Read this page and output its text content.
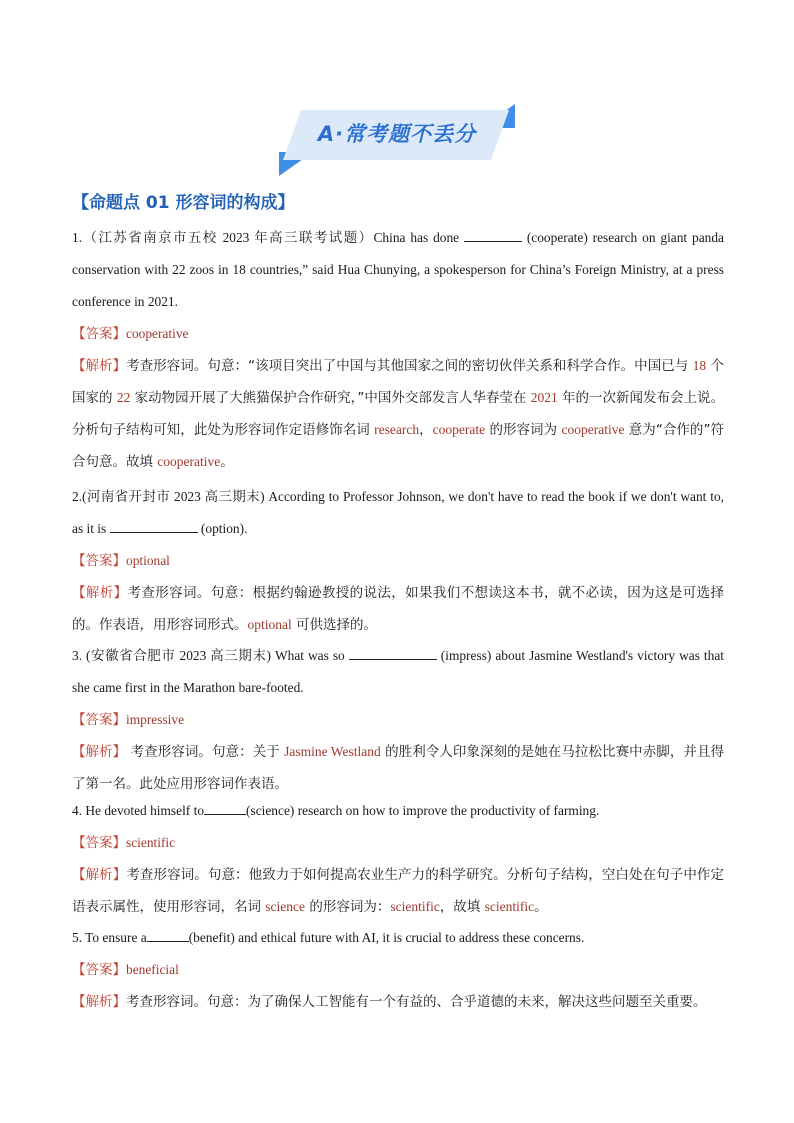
A·常考题不丢分
【命题点 01 形容词的构成】
1.（江苏省南京市五校 2023 年高三联考试题）China has done	(cooperate) research on giant panda conservation with 22 zoos in 18 countries,” said Hua Chunying, a spokesperson for China’s Foreign Ministry, at a press conference in 2021.
【答案】cooperative
【解析】考查形容词。句意：“该项目突出了中国与其他国家之间的密切伙伴关系和科学合作。中国已与 18 个国家的 22 家动物园开展了大熊猫保护合作研究，”中国外交部发言人华春莹在 2021 年的一次新闻发布会上说。分析句子结构可知，此处为形容词作定语修饰名词 research，cooperate 的形容词为 cooperative 意为“合作的”符合句意。故填 cooperative。
2.(河南省开封市 2023 高三期末) According to Professor Johnson, we don't have to read the book if we don't want to, as it is	(option).
【答案】optional
【解析】考查形容词。句意：根据约翰逊教授的说法，如果我们不想读这本书，就不必读，因为这是可选择的。作表语，用形容词形式。optional 可供选择的。
3. (安徽省合肥市 2023 高三期末) What was so	(impress) about Jasmine Westland's victory was that she came first in the Marathon bare-footed.
【答案】impressive
【解析】 考查形容词。句意：关于 Jasmine Westland 的胜利令人印象深刻的是她在马拉松比赛中赤脚，并且得了第一名。此处应用形容词作表语。
4. He devoted himself to	(science) research on how to improve the productivity of farming.
【答案】scientific
【解析】考查形容词。句意：他致力于如何提高农业生产力的科学研究。分析句子结构，空白处在句子中作定语表示属性，使用形容词，名词 science 的形容词为：scientific，故填 scientific。
5. To ensure a	(benefit) and ethical future with AI, it is crucial to address these concerns.
【答案】beneficial
【解析】考查形容词。句意：为了确保人工智能有一个有益的、合乎道德的未来，解决这些问题至关重要。
